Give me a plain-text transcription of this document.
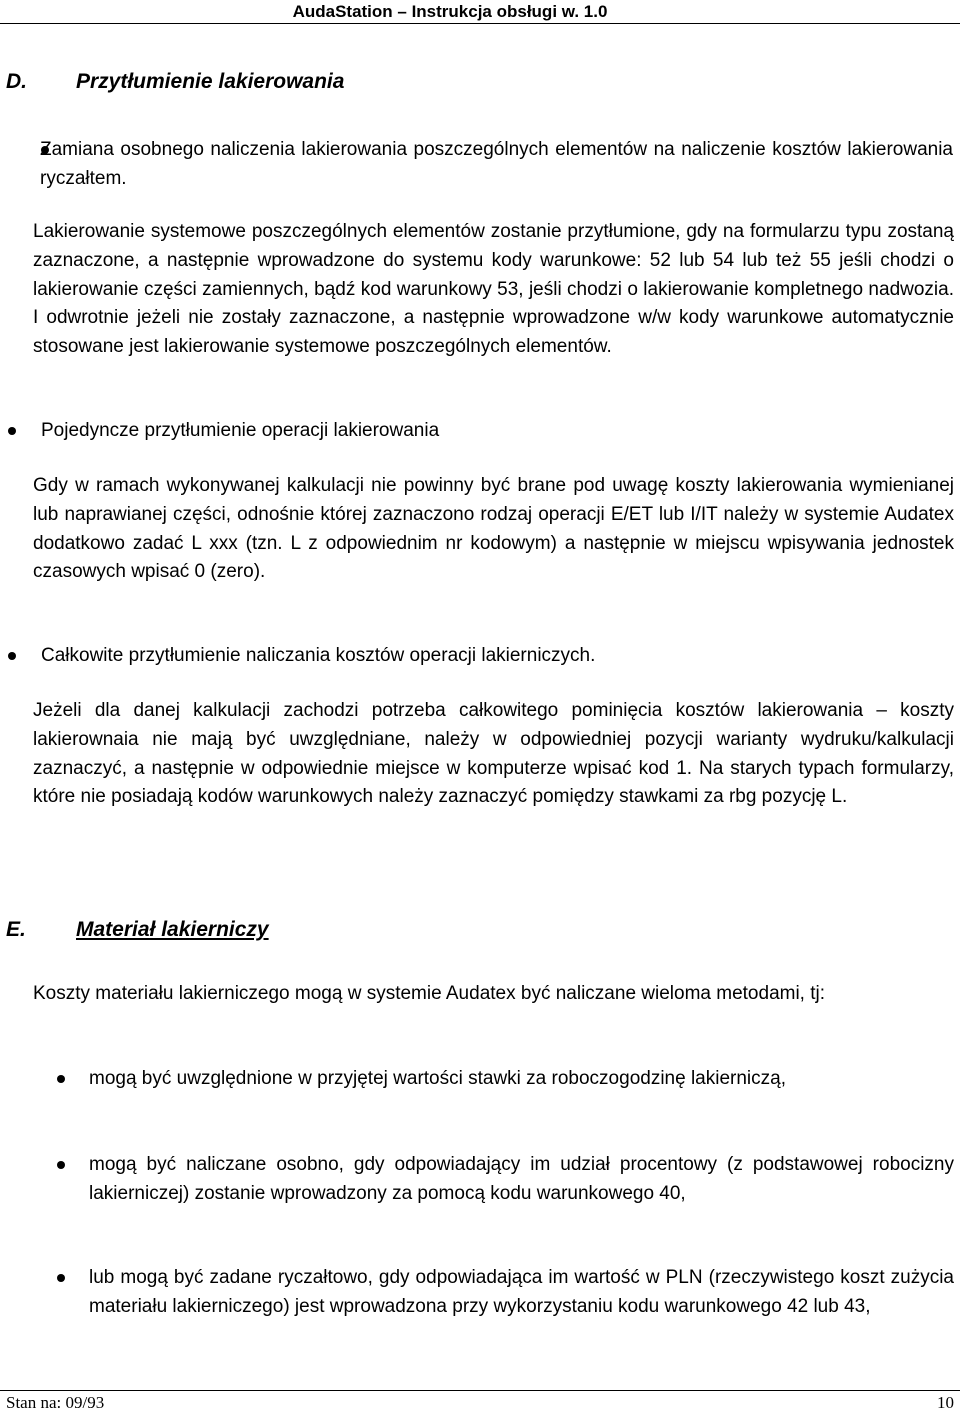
AudaStation – Instrukcja obsługi w. 1.0
D. Przytłumienie lakierowania
Zamiana osobnego naliczenia lakierowania poszczególnych elementów na naliczenie kosztów lakierowania ryczałtem.
Lakierowanie systemowe poszczególnych elementów zostanie przytłumione, gdy na formularzu typu zostaną zaznaczone, a następnie wprowadzone do systemu kody warunkowe: 52 lub 54 lub też 55 jeśli chodzi o lakierowanie części zamiennych, bądź kod warunkowy 53, jeśli chodzi o lakierowanie kompletnego nadwozia. I odwrotnie jeżeli nie zostały zaznaczone, a następnie wprowadzone w/w kody warunkowe automatycznie stosowane jest lakierowanie systemowe poszczególnych elementów.
Pojedyncze przytłumienie operacji lakierowania
Gdy w ramach wykonywanej kalkulacji nie powinny być brane pod uwagę koszty lakierowania wymienianej lub naprawianej części, odnośnie której zaznaczono rodzaj operacji E/ET lub I/IT należy w systemie Audatex dodatkowo zadać L xxx (tzn. L z odpowiednim nr kodowym) a następnie w miejscu wpisywania jednostek czasowych wpisać 0 (zero).
Całkowite przytłumienie naliczania kosztów operacji lakierniczych.
Jeżeli dla danej kalkulacji zachodzi potrzeba całkowitego pominięcia kosztów lakierowania – koszty lakierownaia nie mają być uwzględniane, należy w odpowiedniej pozycji warianty wydruku/kalkulacji zaznaczyć, a następnie w odpowiednie miejsce w komputerze wpisać kod 1. Na starych typach formularzy, które nie posiadają kodów warunkowych należy zaznaczyć pomiędzy stawkami za rbg pozycję L.
E. Materiał lakierniczy
Koszty materiału lakierniczego mogą w systemie Audatex być naliczane wieloma metodami, tj:
mogą być uwzględnione w przyjętej wartości stawki za roboczogodzinę lakierniczą,
mogą być naliczane osobno, gdy odpowiadający im udział procentowy (z podstawowej robocizny lakierniczej) zostanie wprowadzony za pomocą kodu warunkowego 40,
lub mogą być zadane ryczałtowo, gdy odpowiadająca im wartość w PLN (rzeczywistego koszt zużycia materiału lakierniczego) jest wprowadzona przy wykorzystaniu kodu warunkowego 42 lub 43,
Stan na: 09/93	10
